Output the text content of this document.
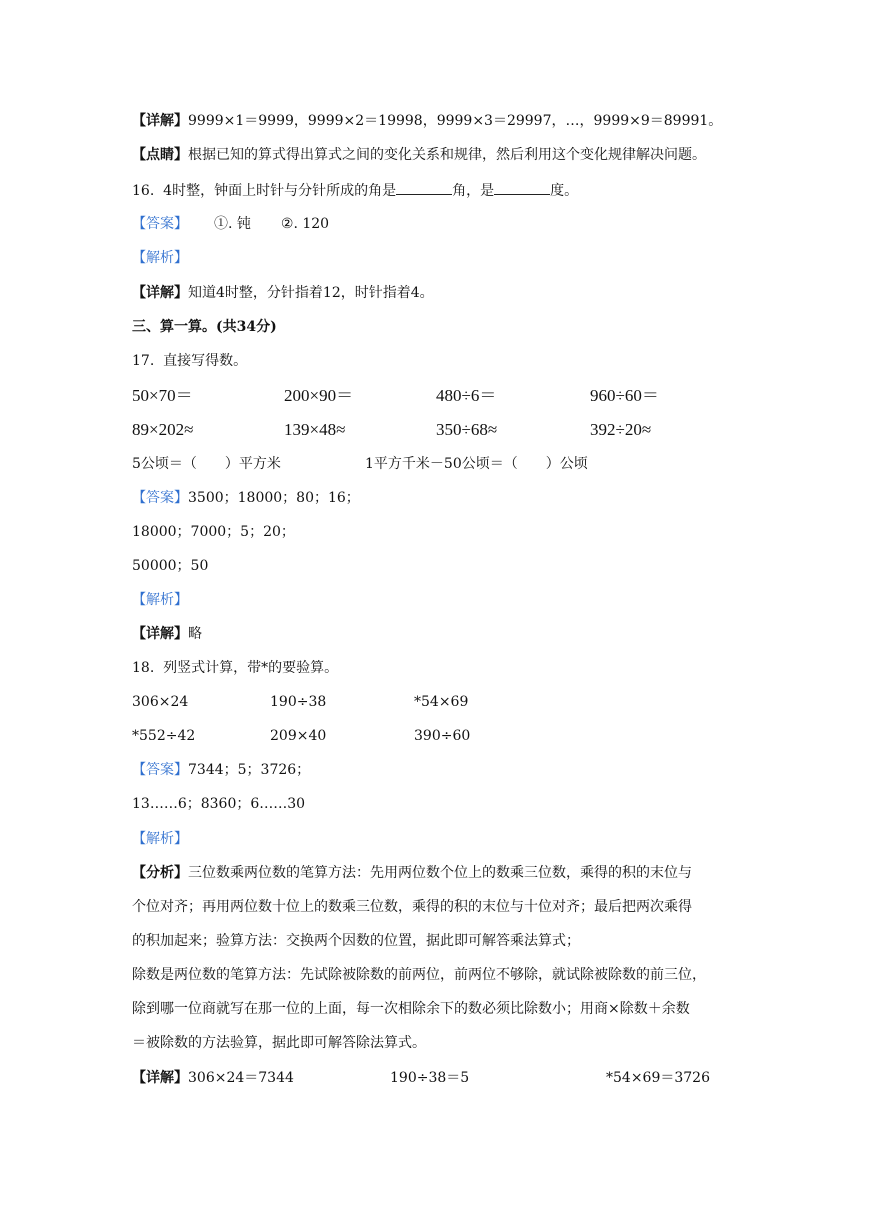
【详解】9999×1＝9999，9999×2＝19998，9999×3＝29997，…，9999×9＝89991。
【点睛】根据已知的算式得出算式之间的变化关系和规律，然后利用这个变化规律解决问题。
16.  4时整，钟面上时针与分针所成的角是	角，是	度。
【答案】 ①. 钝 ②. 120
【解析】
【详解】知道4时整，分针指着12，时针指着4。
三、算一算。(共34分)
17.  直接写得数。
50×70＝	200×90＝	480÷6＝	960÷60＝
89×202≈	139×48≈	350÷68≈	392÷20≈
5公顷＝（　　）平方米	1平方千米－50公顷＝（　　）公顷
【答案】3500；18000；80；16；
18000；7000；5；20；
50000；50
【解析】
【详解】略
18.  列竖式计算，带*的要验算。
306×24	190÷38	*54×69
*552÷42	209×40	390÷60
【答案】7344；5；3726；
13……6；8360；6……30
【解析】
【分析】三位数乘两位数的笔算方法：先用两位数个位上的数乘三位数，乘得的积的末位与
个位对齐；再用两位数十位上的数乘三位数，乘得的积的末位与十位对齐；最后把两次乘得
的积加起来；验算方法：交换两个因数的位置，据此即可解答乘法算式；
除数是两位数的笔算方法：先试除被除数的前两位，前两位不够除，就试除被除数的前三位，
除到哪一位商就写在那一位的上面，每一次相除余下的数必须比除数小；用商×除数＋余数
＝被除数的方法验算，据此即可解答除法算式。
【详解】306×24＝7344	190÷38＝5	*54×69＝3726
